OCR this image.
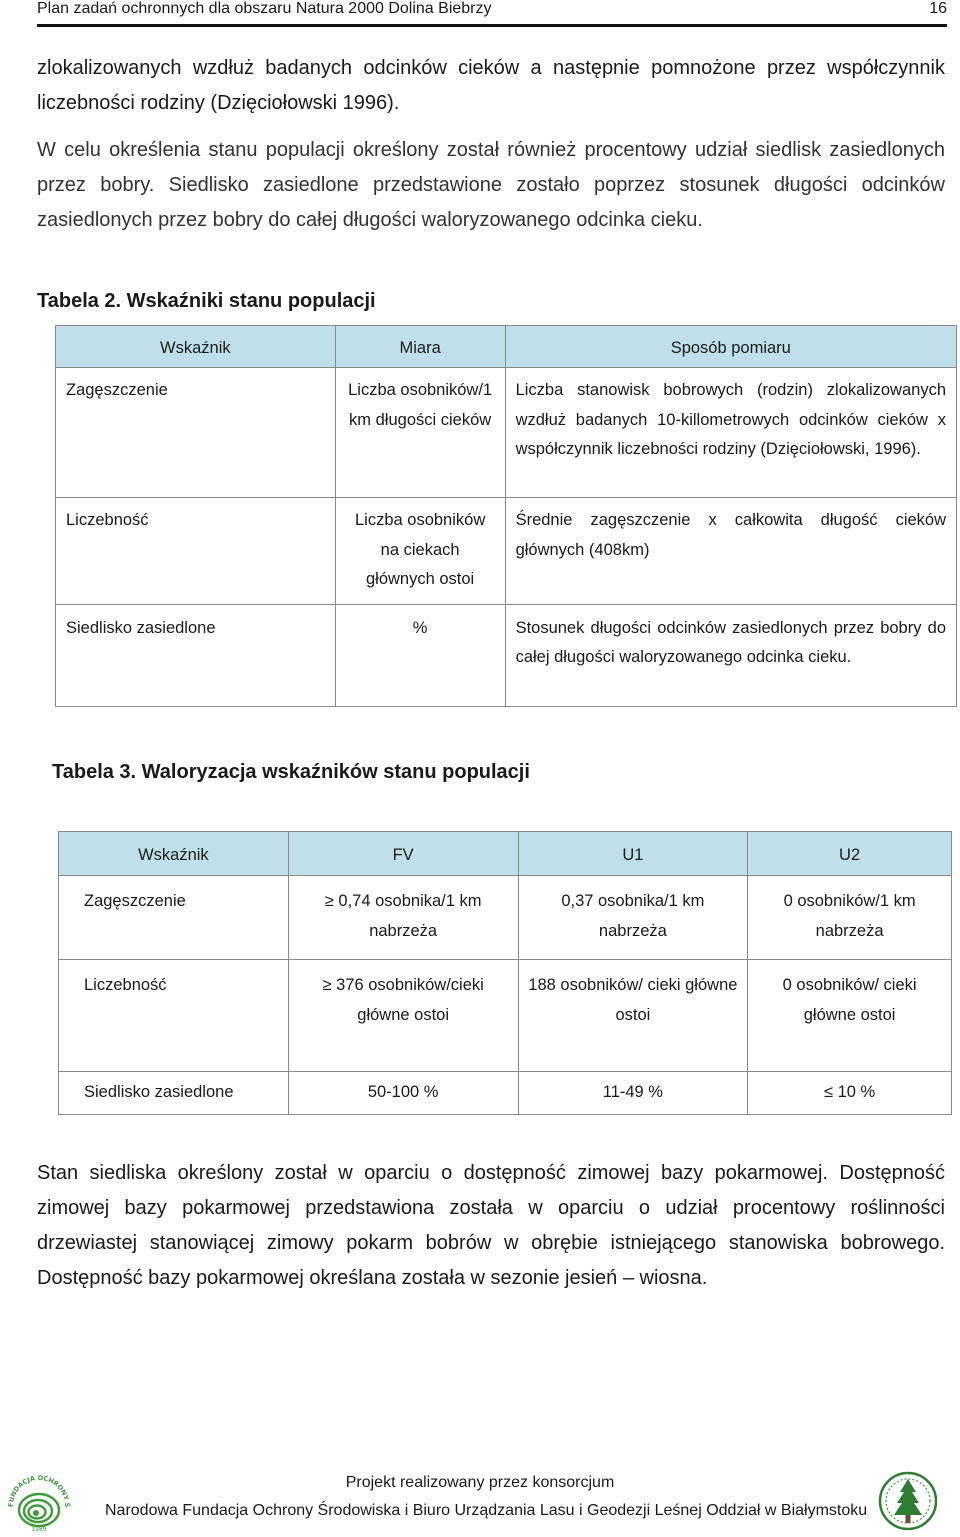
Plan zadań ochronnych dla obszaru Natura 2000 Dolina Biebrzy	16

zlokalizowanych wzdłuż badanych odcinków cieków a następnie pomnożone przez współczynnik liczebności rodziny (Dzięciołowski 1996).

W celu określenia stanu populacji określony został również procentowy udział siedlisk zasiedlonych przez bobry. Siedlisko zasiedlone przedstawione zostało poprzez stosunek długości odcinków zasiedlonych przez bobry do całej długości waloryzowanego odcinka cieku.

Tabela 2. Wskaźniki stanu populacji

Wskaźnik	Miara	Sposób pomiaru
Zagęszczenie	Liczba osobników/1 km długości cieków	Liczba stanowisk bobrowych (rodzin) zlokalizowanych wzdłuż badanych 10-killometrowych odcinków cieków x współczynnik liczebności rodziny (Dzięciołowski, 1996).
Liczebność	Liczba osobników na ciekach głównych ostoi	Średnie zagęszczenie x całkowita długość cieków głównych (408km)
Siedlisko zasiedlone	%	Stosunek długości odcinków zasiedlonych przez bobry do całej długości waloryzowanego odcinka cieku.

Tabela 3. Waloryzacja wskaźników stanu populacji

Wskaźnik	FV	U1	U2
Zagęszczenie	≥ 0,74 osobnika/1 km nabrzeża	0,37 osobnika/1 km nabrzeża	0 osobników/1 km nabrzeża
Liczebność	≥ 376 osobników/cieki główne ostoi	188 osobników/ cieki główne ostoi	0 osobników/ cieki główne ostoi
Siedlisko zasiedlone	50-100 %	11-49 %	≤ 10 %

Stan siedliska określony został w oparciu o dostępność zimowej bazy pokarmowej. Dostępność zimowej bazy pokarmowej przedstawiona została w oparciu o udział procentowy roślinności drzewiastej stanowiącej zimowy pokarm bobrów w obrębie istniejącego stanowiska bobrowego. Dostępność bazy pokarmowej określana została w sezonie jesień – wiosna.

FUNDACJA OCHRONY Ś
1989
Projekt realizowany przez konsorcjum
Narodowa Fundacja Ochrony Środowiska i Biuro Urządzania Lasu i Geodezji Leśnej Oddział w Białymstoku
